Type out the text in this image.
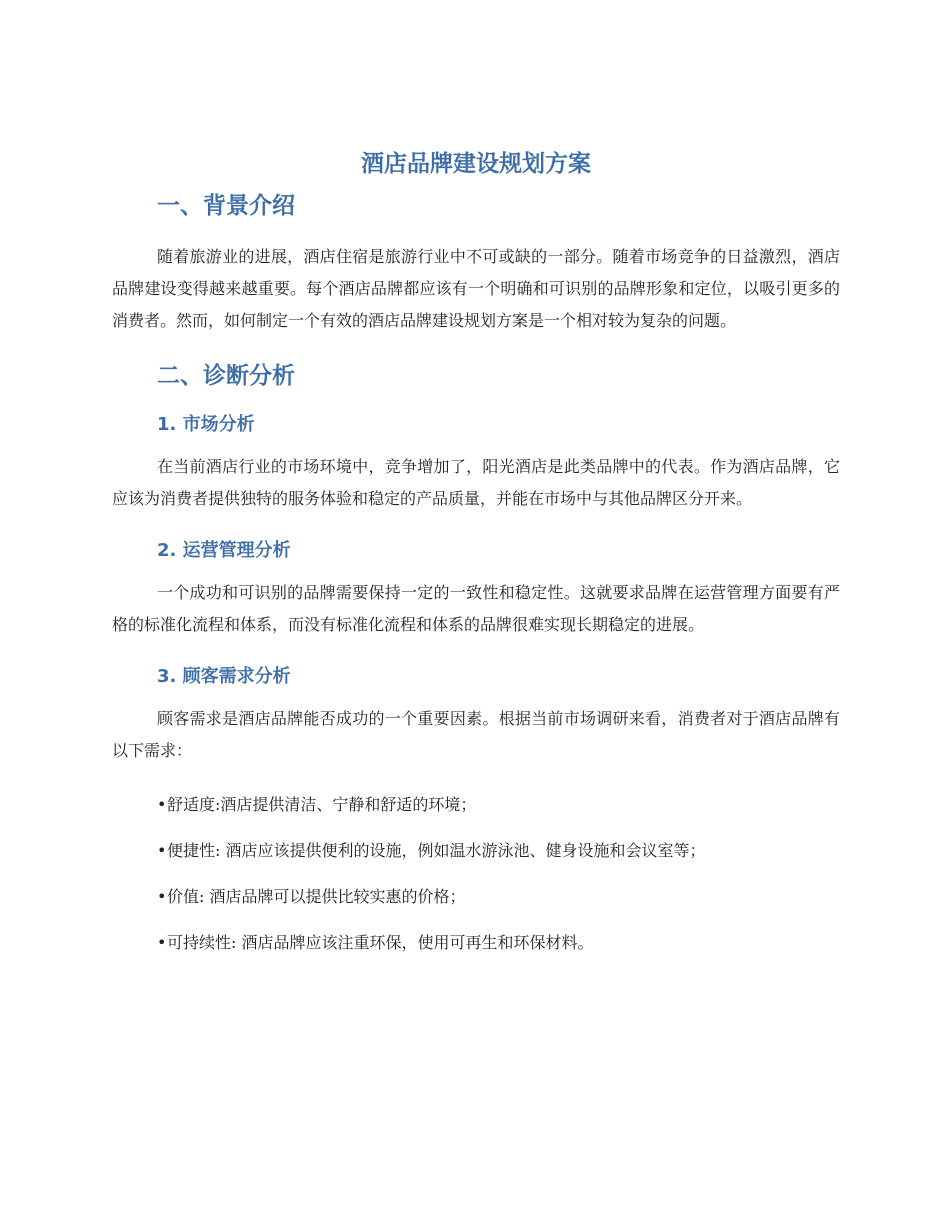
酒店品牌建设规划方案
一、背景介绍

随着旅游业的进展，酒店住宿是旅游行业中不可或缺的一部分。随着市场竞争的日益激烈，酒店品牌建设变得越来越重要。每个酒店品牌都应该有一个明确和可识别的品牌形象和定位，以吸引更多的消费者。然而，如何制定一个有效的酒店品牌建设规划方案是一个相对较为复杂的问题。

二、诊断分析
1. 市场分析

在当前酒店行业的市场环境中，竞争增加了，阳光酒店是此类品牌中的代表。作为酒店品牌，它应该为消费者提供独特的服务体验和稳定的产品质量，并能在市场中与其他品牌区分开来。

2. 运营管理分析

一个成功和可识别的品牌需要保持一定的一致性和稳定性。这就要求品牌在运营管理方面要有严格的标准化流程和体系，而没有标准化流程和体系的品牌很难实现长期稳定的进展。

3. 顾客需求分析

顾客需求是酒店品牌能否成功的一个重要因素。根据当前市场调研来看，消费者对于酒店品牌有以下需求：

•舒适度:酒店提供清洁、宁静和舒适的环境；
•便捷性: 酒店应该提供便利的设施，例如温水游泳池、健身设施和会议室等；
•价值: 酒店品牌可以提供比较实惠的价格；
•可持续性: 酒店品牌应该注重环保，使用可再生和环保材料。
